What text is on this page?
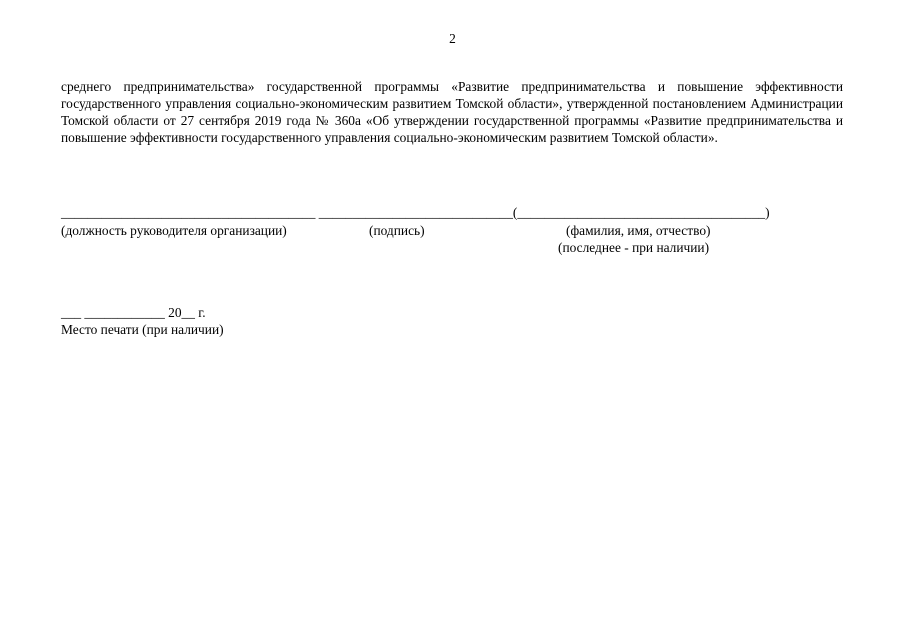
2

среднего предпринимательства» государственной программы «Развитие предпринимательства и повышение эффективности государственного управления социально-экономическим развитием Томской области», утвержденной постановлением Администрации Томской области от 27 сентября 2019 года № 360а «Об утверждении государственной программы «Развитие предпринимательства и повышение эффективности государственного управления социально-экономическим развитием Томской области».

______________________________________ _____________________________(_____________________________________)
(должность руководителя организации)	(подпись)	(фамилия, имя, отчество)
(последнее - при наличии)
___ ____________ 20__ г.
Место печати (при наличии)
